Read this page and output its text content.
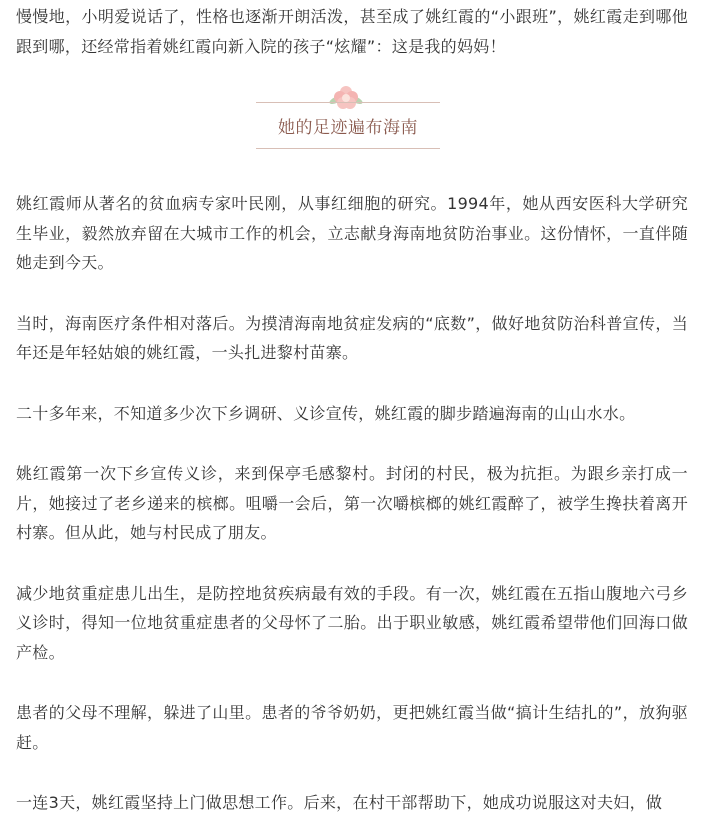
慢慢地，小明爱说话了，性格也逐渐开朗活泼，甚至成了姚红霞的“小跟班”，姚红霞走到哪他跟到哪，还经常指着姚红霞向新入院的孩子“炫耀”：这是我的妈妈！

她的足迹遍布海南

姚红霞师从著名的贫血病专家叶民刚，从事红细胞的研究。1994年，她从西安医科大学研究生毕业，毅然放弃留在大城市工作的机会，立志献身海南地贫防治事业。这份情怀，一直伴随她走到今天。

当时，海南医疗条件相对落后。为摸清海南地贫症发病的“底数”，做好地贫防治科普宣传，当年还是年轻姑娘的姚红霞，一头扎进黎村苗寨。

二十多年来，不知道多少次下乡调研、义诊宣传，姚红霞的脚步踏遍海南的山山水水。

姚红霞第一次下乡宣传义诊，来到保亭毛感黎村。封闭的村民，极为抗拒。为跟乡亲打成一片，她接过了老乡递来的槟榔。咀嚼一会后，第一次嚼槟榔的姚红霞醉了，被学生搀扶着离开村寨。但从此，她与村民成了朋友。

减少地贫重症患儿出生，是防控地贫疾病最有效的手段。有一次，姚红霞在五指山腹地六弓乡义诊时，得知一位地贫重症患者的父母怀了二胎。出于职业敏感，姚红霞希望带他们回海口做产检。

患者的父母不理解，躲进了山里。患者的爷爷奶奶，更把姚红霞当做“搞计生结扎的”，放狗驱赶。

一连3天，姚红霞坚持上门做思想工作。后来，在村干部帮助下，她成功说服这对夫妇，做
